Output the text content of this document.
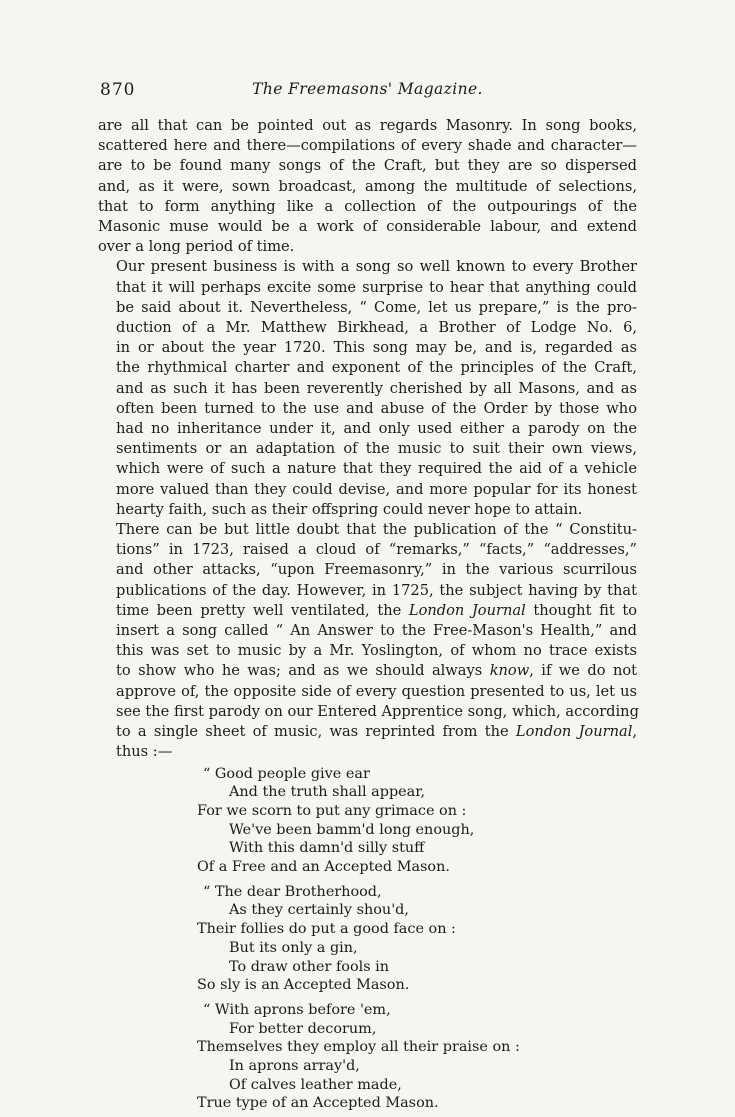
870	The Freemasons' Magazine.

are all that can be pointed out as regards Masonry. In song books,
scattered here and there—compilations of every shade and character—
are to be found many songs of the Craft, but they are so dispersed
and, as it were, sown broadcast, among the multitude of selections,
that to form anything like a collection of the outpourings of the
Masonic muse would be a work of considerable labour, and extend
over a long period of time.

Our present business is with a song so well known to every Brother
that it will perhaps excite some surprise to hear that anything could
be said about it. Nevertheless, “ Come, let us prepare,” is the pro-
duction of a Mr. Matthew Birkhead, a Brother of Lodge No. 6,
in or about the year 1720. This song may be, and is, regarded as
the rhythmical charter and exponent of the principles of the Craft,
and as such it has been reverently cherished by all Masons, and as
often been turned to the use and abuse of the Order by those who
had no inheritance under it, and only used either a parody on the
sentiments or an adaptation of the music to suit their own views,
which were of such a nature that they required the aid of a vehicle
more valued than they could devise, and more popular for its honest
hearty faith, such as their offspring could never hope to attain.

There can be but little doubt that the publication of the “ Constitu-
tions” in 1723, raised a cloud of “remarks,” “facts,” “addresses,”
and other attacks, “upon Freemasonry,” in the various scurrilous
publications of the day. However, in 1725, the subject having by that
time been pretty well ventilated, the London Journal thought fit to
insert a song called “ An Answer to the Free-Mason's Health,” and
this was set to music by a Mr. Yoslington, of whom no trace exists
to show who he was; and as we should always know, if we do not
approve of, the opposite side of every question presented to us, let us
see the first parody on our Entered Apprentice song, which, according
to a single sheet of music, was reprinted from the London Journal,
thus :—

“ Good people give ear
And the truth shall appear,
For we scorn to put any grimace on :
We've been bamm'd long enough,
With this damn'd silly stuff
Of a Free and an Accepted Mason.
“ The dear Brotherhood,
As they certainly shou'd,
Their follies do put a good face on :
But its only a gin,
To draw other fools in
So sly is an Accepted Mason.
“ With aprons before 'em,
For better decorum,
Themselves they employ all their praise on :
In aprons array'd,
Of calves leather made,
True type of an Accepted Mason.
